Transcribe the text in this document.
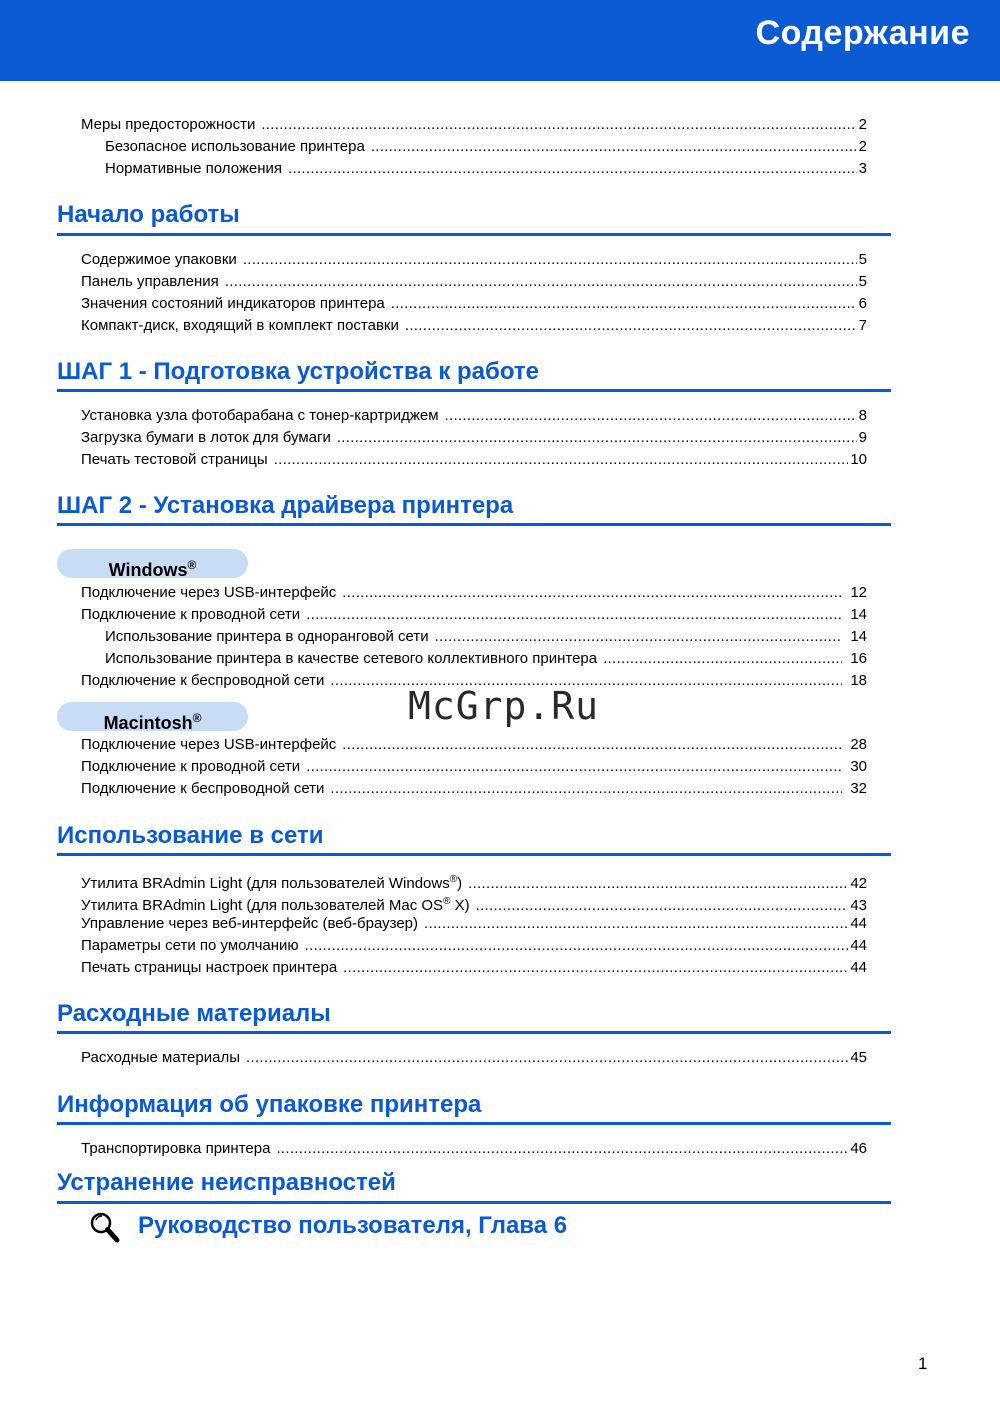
Содержание
Меры предосторожности .....	2
Безопасное использование принтера .....	2
Нормативные положения .....	3
Начало работы
Содержимое упаковки .....	5
Панель управления .....	5
Значения состояний индикаторов принтера .....	6
Компакт-диск, входящий в комплект поставки .....	7
ШАГ 1 - Подготовка устройства к работе
Установка узла фотобарабана с тонер-картриджем .....	8
Загрузка бумаги в лоток для бумаги .....	9
Печать тестовой страницы .....	10
ШАГ 2 - Установка драйвера принтера
Windows®
Подключение через USB-интерфейс .....	12
Подключение к проводной сети .....	14
Использование принтера в одноранговой сети .....	14
Использование принтера в качестве сетевого коллективного принтера .....	16
Подключение к беспроводной сети .....	18
Macintosh®
Подключение через USB-интерфейс .....	28
Подключение к проводной сети .....	30
Подключение к беспроводной сети .....	32
Использование в сети
Утилита BRAdmin Light (для пользователей Windows®) .....	42
Утилита BRAdmin Light (для пользователей Mac OS® X) .....	43
Управление через веб-интерфейс (веб-браузер) .....	44
Параметры сети по умолчанию .....	44
Печать страницы настроек принтера .....	44
Расходные материалы
Расходные материалы .....	45
Информация об упаковке принтера
Транспортировка принтера .....	46
Устранение неисправностей
Руководство пользователя, Глава 6
McGrp.Ru
1
